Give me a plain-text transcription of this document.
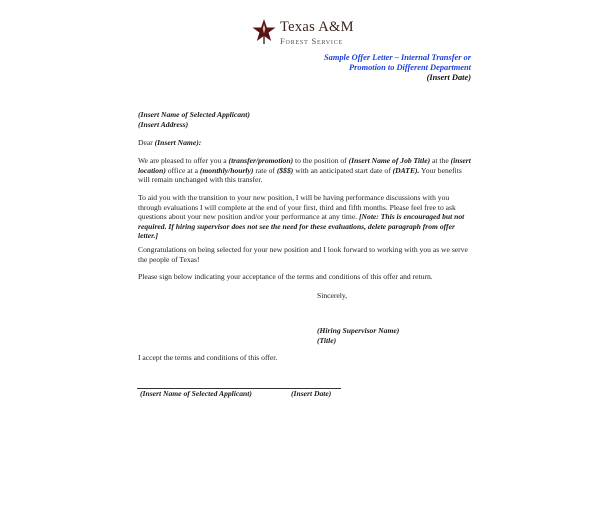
Texas A&M
Forest Service
Sample Offer Letter – Internal Transfer or
Promotion to Different Department
(Insert Date)
(Insert Name of Selected Applicant)
(Insert Address)
Dear (Insert Name):
We are pleased to offer you a (transfer/promotion) to the position of (Insert Name of Job Title) at the (insert location) office at a (monthly/hourly) rate of ($$$) with an anticipated start date of (DATE). Your benefits will remain unchanged with this transfer.
To aid you with the transition to your new position, I will be having performance discussions with you through evaluations I will complete at the end of your first, third and fifth months. Please feel free to ask questions about your new position and/or your performance at any time. [Note: This is encouraged but not required. If hiring supervisor does not see the need for these evaluations, delete paragraph from offer letter.]
Congratulations on being selected for your new position and I look forward to working with you as we serve the people of Texas!
Please sign below indicating your acceptance of the terms and conditions of this offer and return.
Sincerely,
(Hiring Supervisor Name)
(Title)
I accept the terms and conditions of this offer.
(Insert Name of Selected Applicant)	(Insert Date)
